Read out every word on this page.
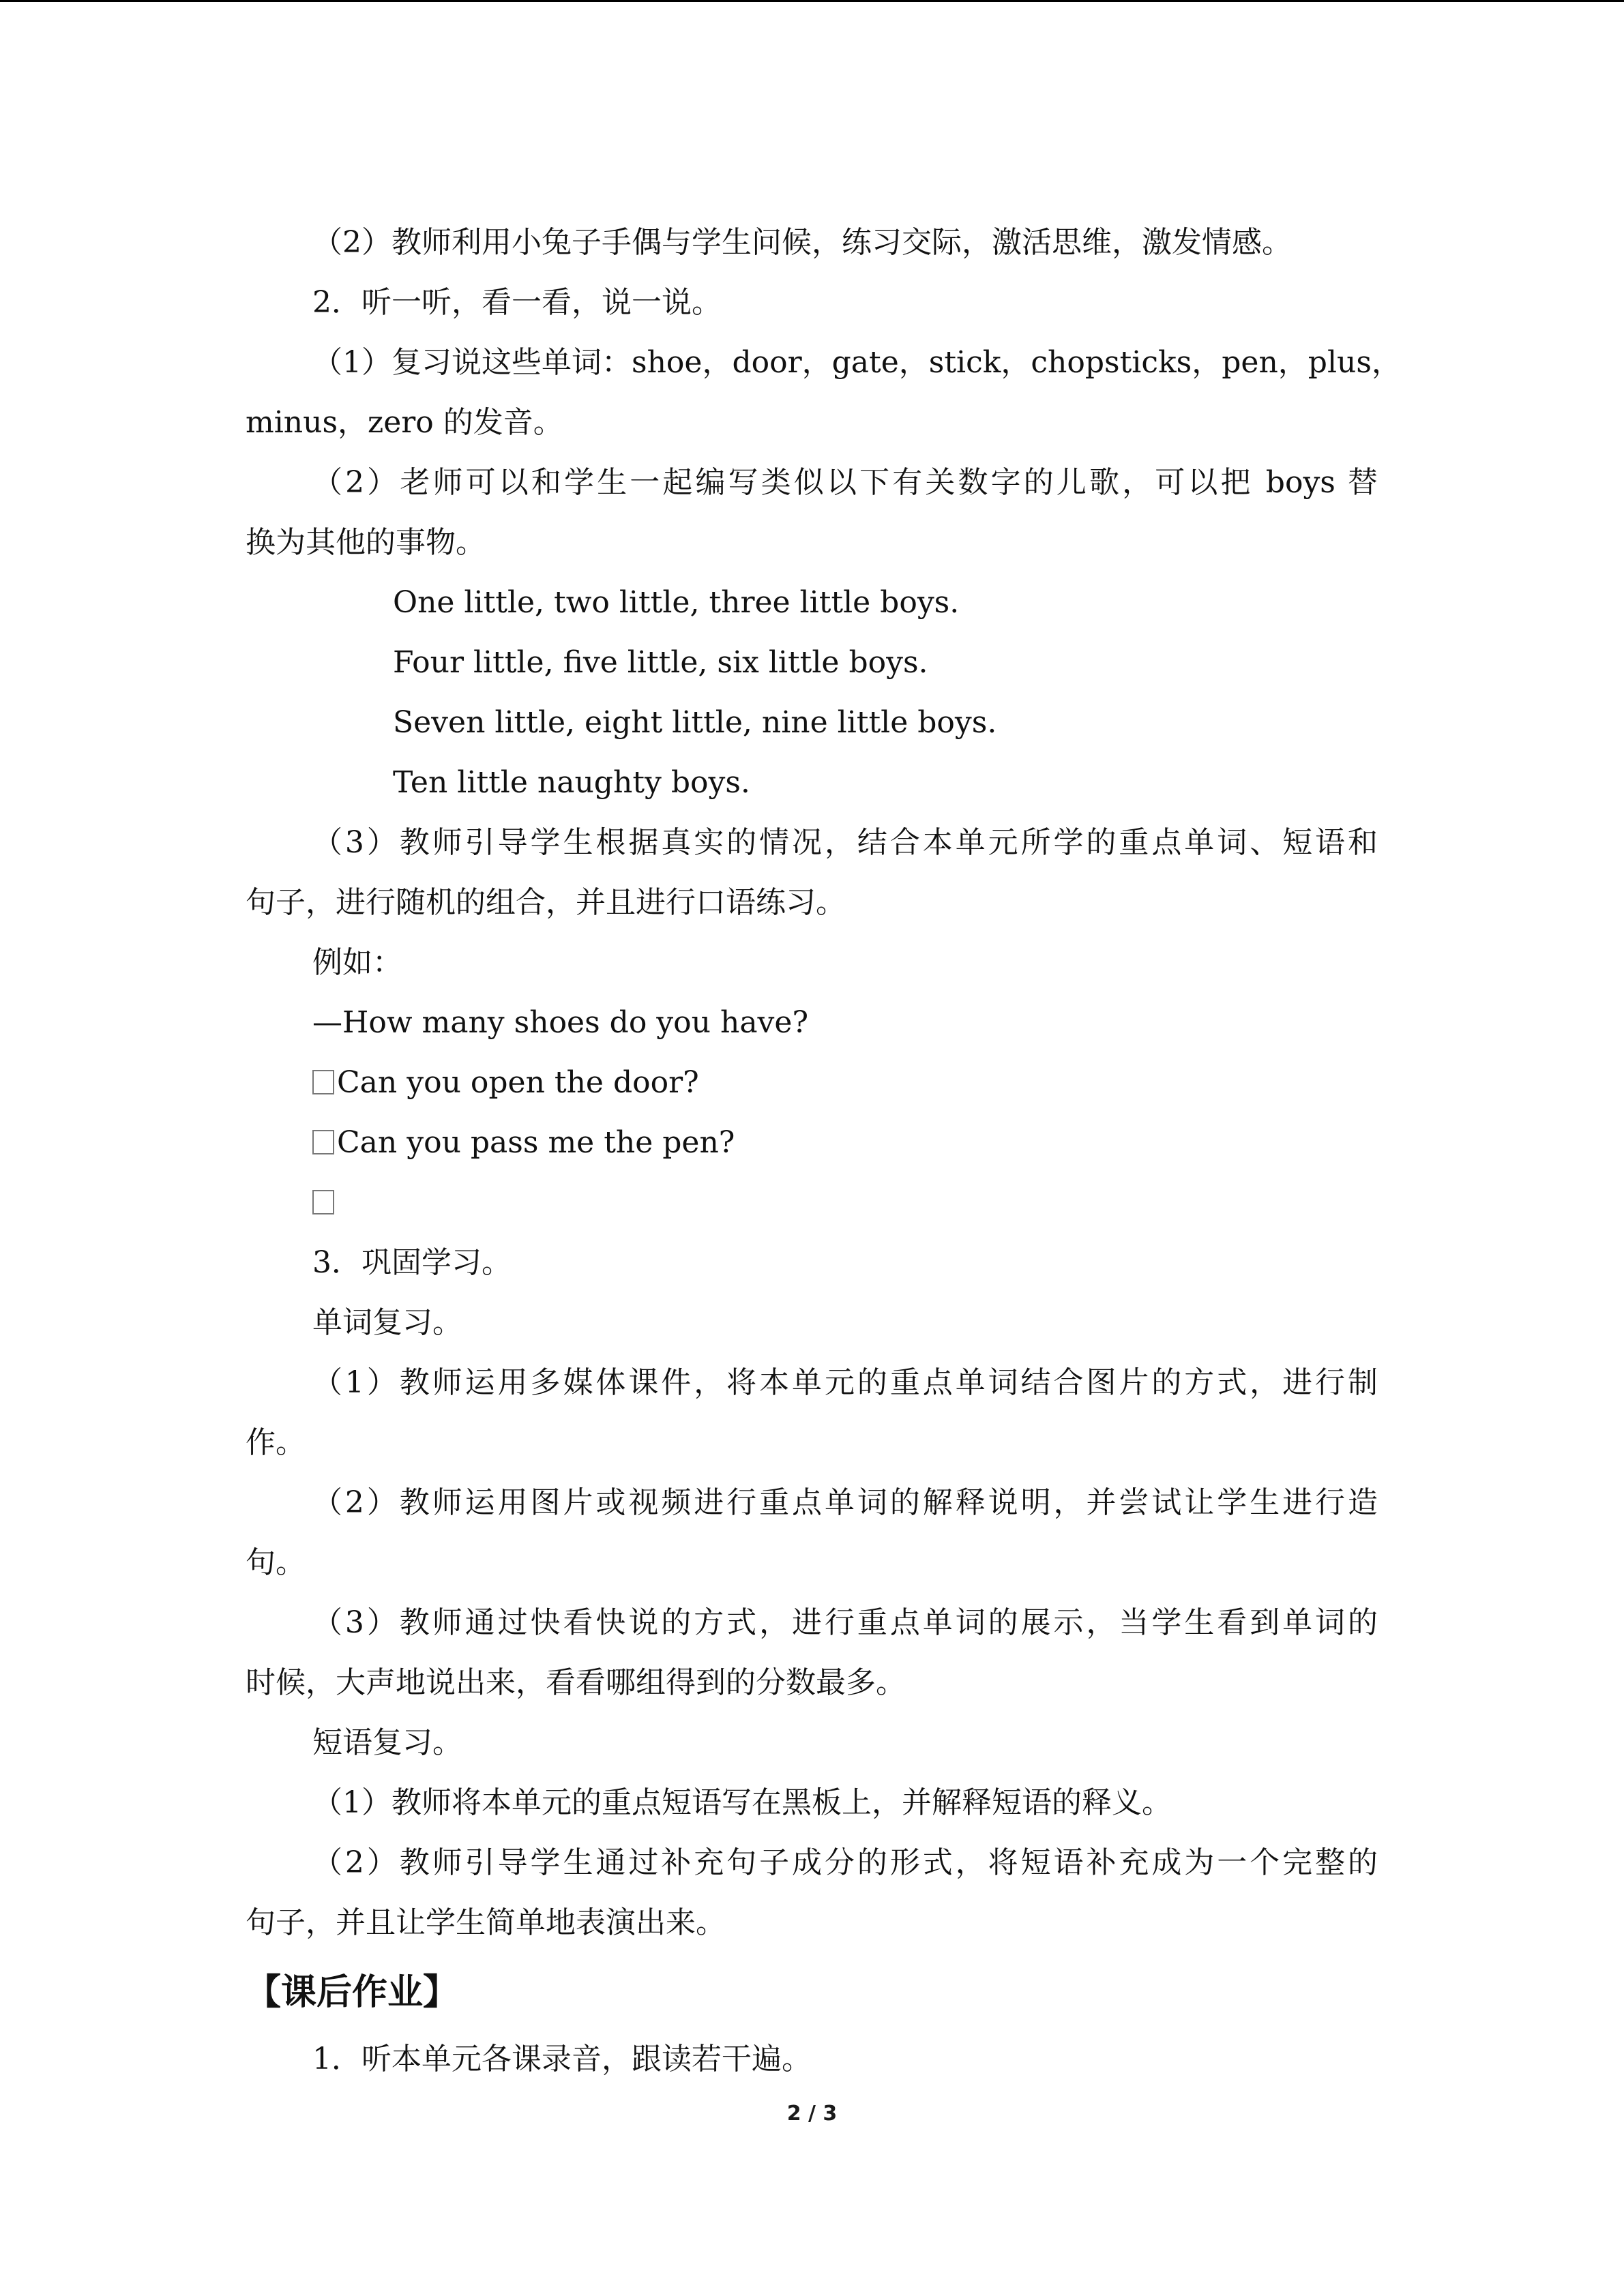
（2）教师利用小兔子手偶与学生问候，练习交际，激活思维，激发情感。

2．听一听，看一看，说一说。

（1）复习说这些单词：shoe，door，gate，stick，chopsticks，pen，plus，

minus，zero 的发音。

（2）老师可以和学生一起编写类似以下有关数字的儿歌，可以把 boys 替

换为其他的事物。

One little, two little, three little boys.

Four little, five little, six little boys.

Seven little, eight little, nine little boys.

Ten little naughty boys.

（3）教师引导学生根据真实的情况，结合本单元所学的重点单词、短语和

句子，进行随机的组合，并且进行口语练习。

例如：

—How many shoes do you have?

Can you open the door?

Can you pass me the pen?

3．巩固学习。

单词复习。

（1）教师运用多媒体课件，将本单元的重点单词结合图片的方式，进行制

作。

（2）教师运用图片或视频进行重点单词的解释说明，并尝试让学生进行造

句。

（3）教师通过快看快说的方式，进行重点单词的展示，当学生看到单词的

时候，大声地说出来，看看哪组得到的分数最多。

短语复习。

（1）教师将本单元的重点短语写在黑板上，并解释短语的释义。

（2）教师引导学生通过补充句子成分的形式，将短语补充成为一个完整的

句子，并且让学生简单地表演出来。

【课后作业】

1．听本单元各课录音，跟读若干遍。

2 / 3
